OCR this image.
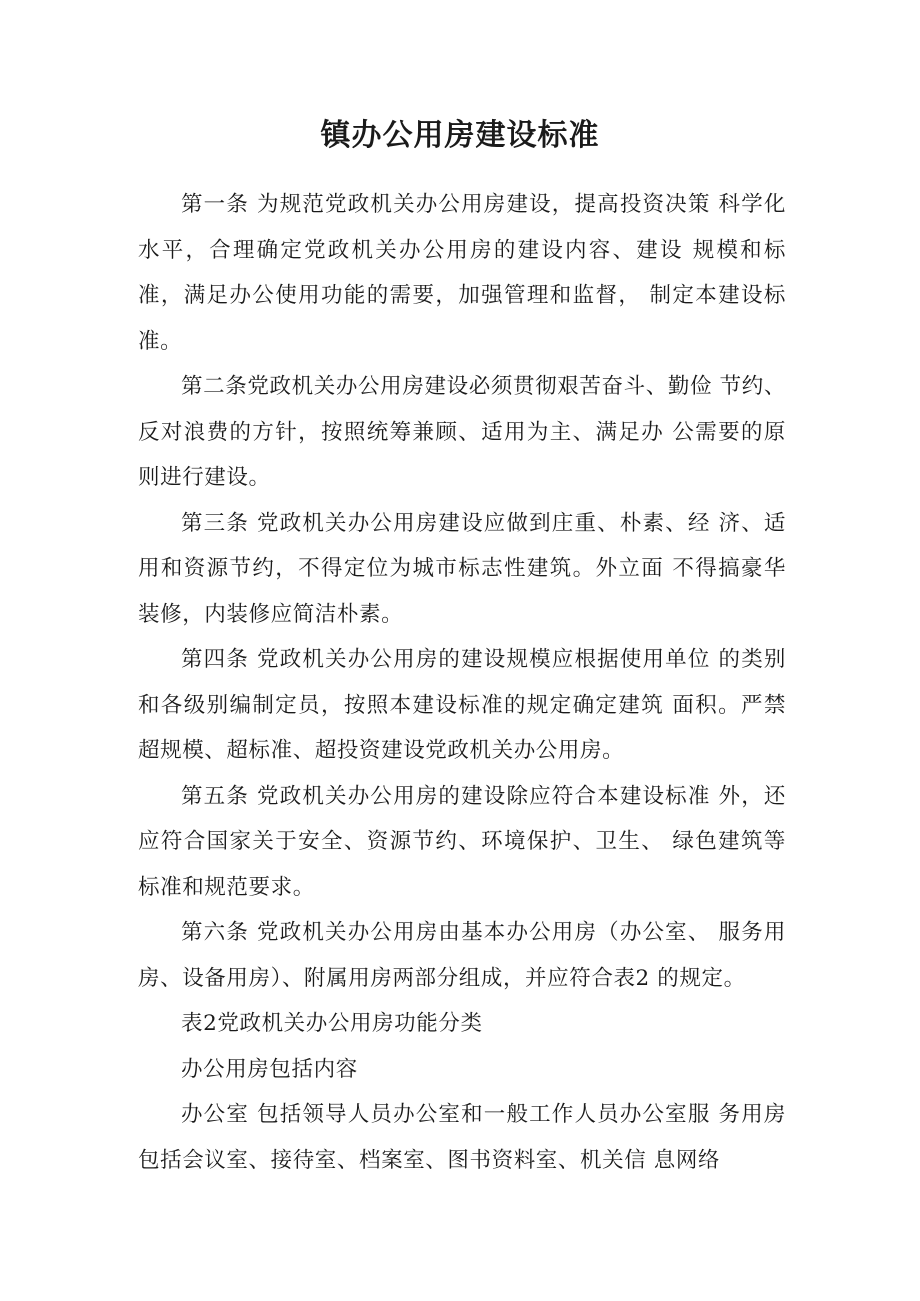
镇办公用房建设标准

第一条 为规范党政机关办公用房建设，提高投资决策 科学化水平，合理确定党政机关办公用房的建设内容、建设 规模和标准，满足办公使用功能的需要，加强管理和监督， 制定本建设标准。

第二条党政机关办公用房建设必须贯彻艰苦奋斗、勤俭 节约、反对浪费的方针，按照统筹兼顾、适用为主、满足办 公需要的原则进行建设。

第三条 党政机关办公用房建设应做到庄重、朴素、经 济、适用和资源节约，不得定位为城市标志性建筑。外立面 不得搞豪华装修，内装修应简洁朴素。

第四条 党政机关办公用房的建设规模应根据使用单位 的类别和各级别编制定员，按照本建设标准的规定确定建筑 面积。严禁超规模、超标准、超投资建设党政机关办公用房。

第五条 党政机关办公用房的建设除应符合本建设标准 外，还应符合国家关于安全、资源节约、环境保护、卫生、 绿色建筑等标准和规范要求。

第六条 党政机关办公用房由基本办公用房（办公室、 服务用房、设备用房）、附属用房两部分组成，并应符合表2 的规定。

表2党政机关办公用房功能分类

办公用房包括内容

办公室 包括领导人员办公室和一般工作人员办公室服 务用房包括会议室、接待室、档案室、图书资料室、机关信 息网络
